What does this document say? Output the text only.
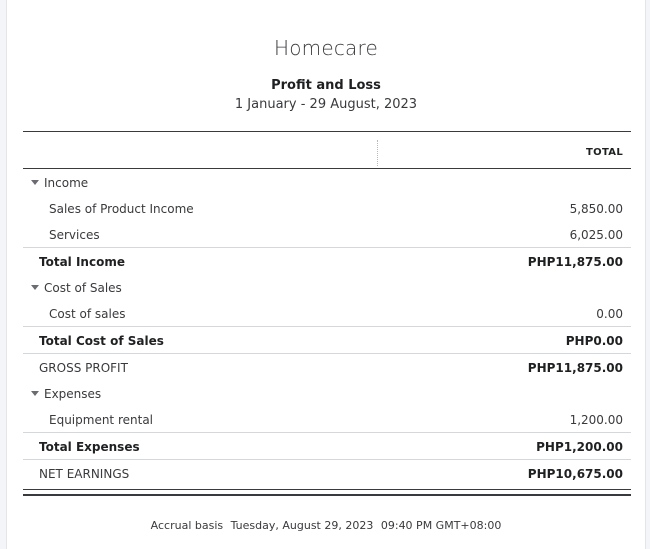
Homecare
Profit and Loss
1 January - 29 August, 2023
TOTAL
Income
Sales of Product Income	5,850.00
Services	6,025.00
Total Income	PHP11,875.00
Cost of Sales
Cost of sales	0.00
Total Cost of Sales	PHP0.00
GROSS PROFIT	PHP11,875.00
Expenses
Equipment rental	1,200.00
Total Expenses	PHP1,200.00
NET EARNINGS	PHP10,675.00
Accrual basis Tuesday, August 29, 2023 09:40 PM GMT+08:00
